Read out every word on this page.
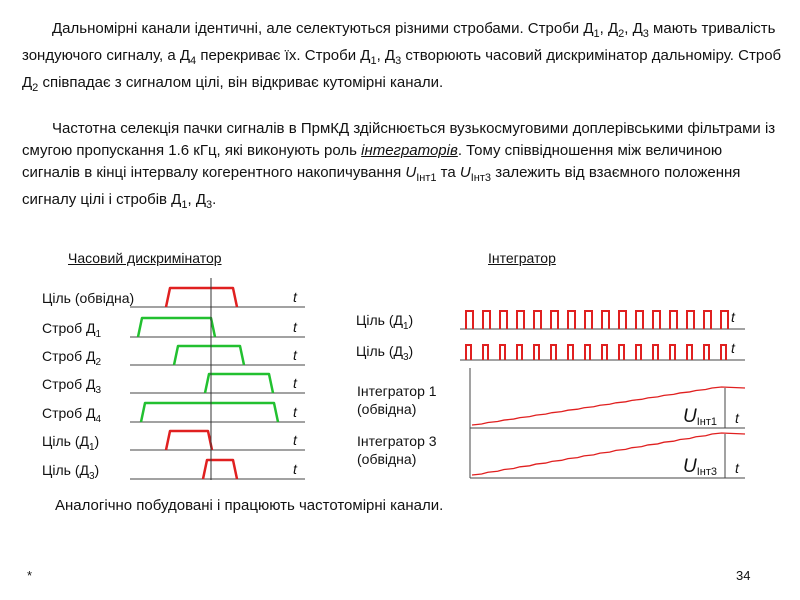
Дальномірні канали ідентичні, але селектуються різними стробами. Строби $Д_1$, $Д_2$, $Д_3$ мають тривалість зондуючого сигналу, а $Д_4$ перекриває їх. Строби $Д_1$, $Д_3$ створюють часовий дискримінатор дальноміру. Строб $Д_2$ співпадає з сигналом цілі, він відкриває кутомірні канали.

Частотна селекція пачки сигналів в ПрмКД здійснюється вузькосмуговими доплерівськими фільтрами із смугою пропускання 1.6 кГц, які виконують роль інтеграторів. Тому співвідношення між величиною сигналів в кінці інтервалу когерентного накопичування $U_{Інт1}$ та $U_{Інт3}$ залежить від взаємного положення сигналу цілі і стробів $Д_1$, $Д_3$.

Часовий дискримінатор	Інтегратор
Ціль (обвідна)	t
Строб $Д_1$	t
Строб $Д_2$	t
Строб $Д_3$	t
Строб $Д_4$	t
Ціль $(Д_1)$	t
Ціль $(Д_3)$	t
Ціль $(Д_1)$	t
Ціль $(Д_3)$	t
t
Інтегратор 1
(обвідна)	UІнт1
t
Інтегратор 3
(обвідна)	UІнт3
Аналогічно побудовані і працюють частотомірні канали.
*	34
